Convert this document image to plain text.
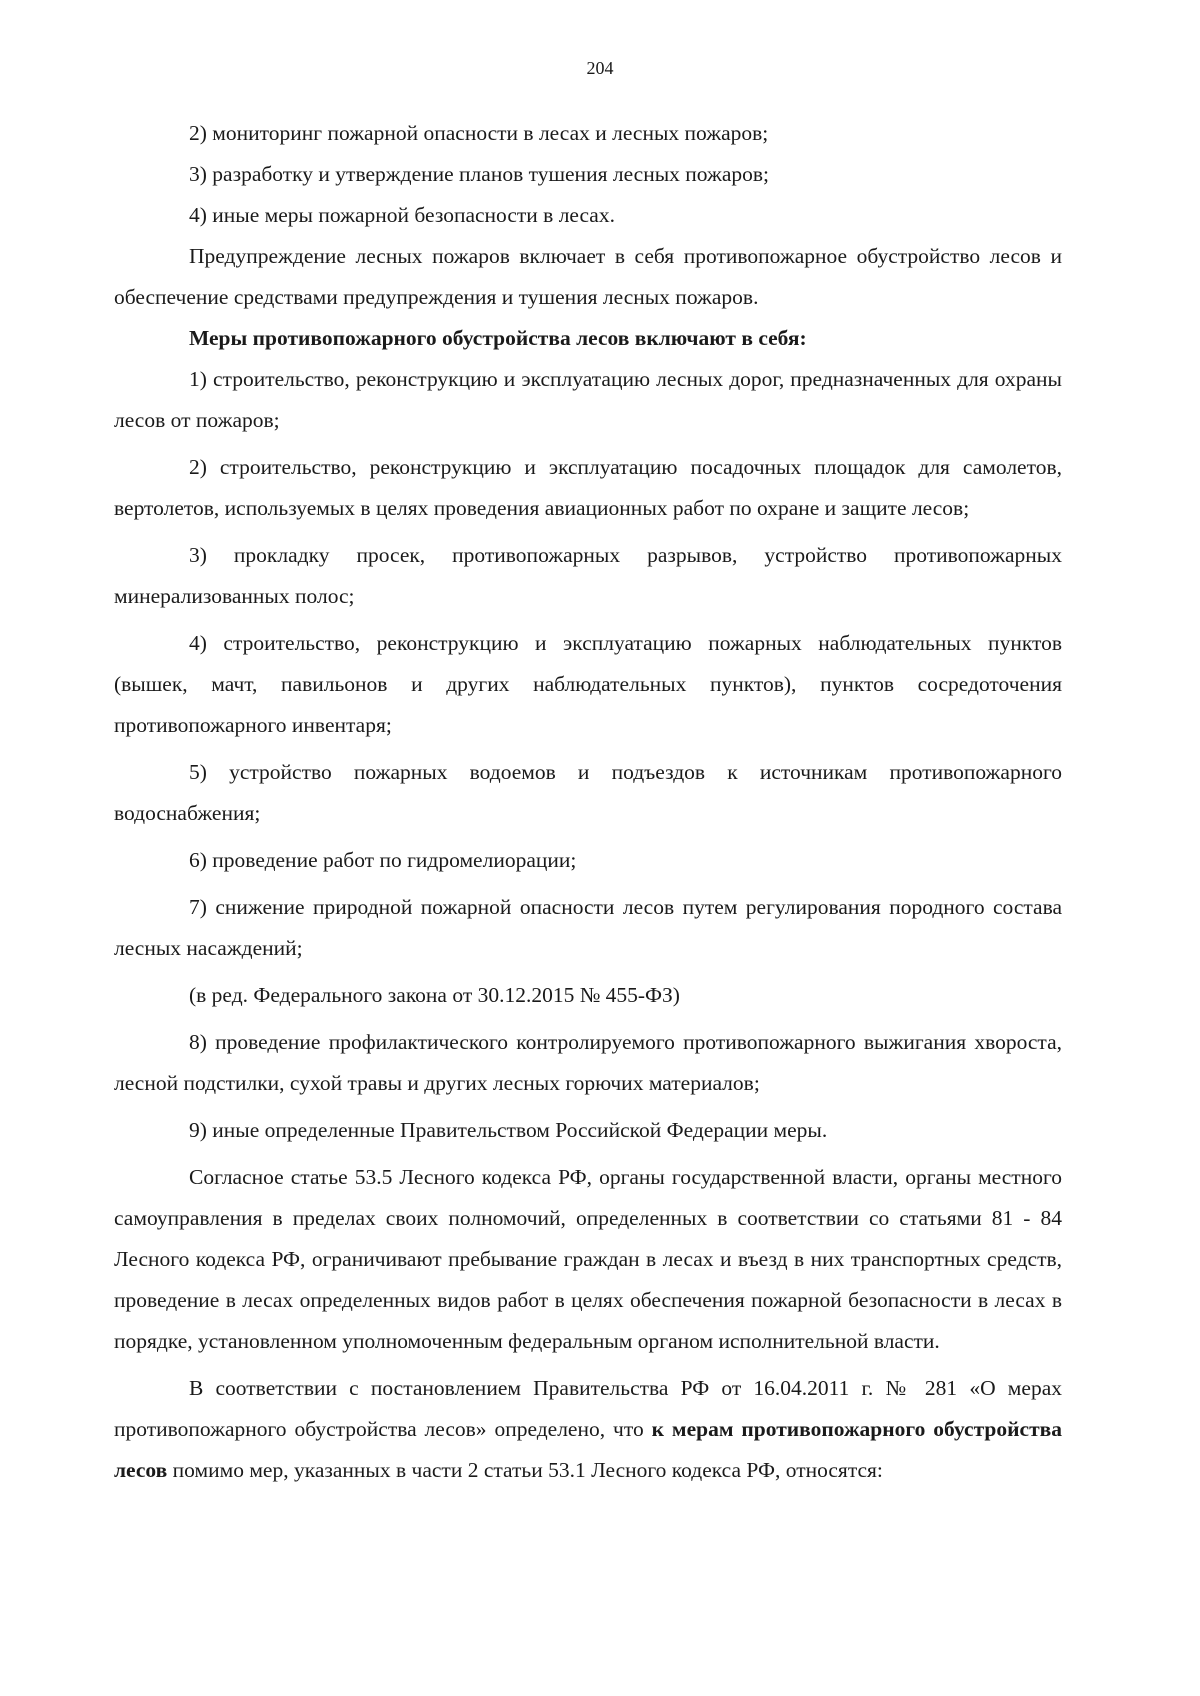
204

2) мониторинг пожарной опасности в лесах и лесных пожаров;

3) разработку и утверждение планов тушения лесных пожаров;

4) иные меры пожарной безопасности в лесах.

Предупреждение лесных пожаров включает в себя противопожарное обустройство лесов и обеспечение средствами предупреждения и тушения лесных пожаров.

Меры противопожарного обустройства лесов включают в себя:

1) строительство, реконструкцию и эксплуатацию лесных дорог, предназначенных для охраны лесов от пожаров;

2) строительство, реконструкцию и эксплуатацию посадочных площадок для самолетов, вертолетов, используемых в целях проведения авиационных работ по охране и защите лесов;

3) прокладку просек, противопожарных разрывов, устройство противопожарных минерализованных полос;

4) строительство, реконструкцию и эксплуатацию пожарных наблюдательных пунктов (вышек, мачт, павильонов и других наблюдательных пунктов), пунктов сосредоточения противопожарного инвентаря;

5) устройство пожарных водоемов и подъездов к источникам противопожарного водоснабжения;

6) проведение работ по гидромелиорации;

7) снижение природной пожарной опасности лесов путем регулирования породного состава лесных насаждений;

(в ред. Федерального закона от 30.12.2015 № 455-ФЗ)

8) проведение профилактического контролируемого противопожарного выжигания хвороста, лесной подстилки, сухой травы и других лесных горючих материалов;

9) иные определенные Правительством Российской Федерации меры.

Согласное статье 53.5 Лесного кодекса РФ, органы государственной власти, органы местного самоуправления в пределах своих полномочий, определенных в соответствии со статьями 81 - 84 Лесного кодекса РФ, ограничивают пребывание граждан в лесах и въезд в них транспортных средств, проведение в лесах определенных видов работ в целях обеспечения пожарной безопасности в лесах в порядке, установленном уполномоченным федеральным органом исполнительной власти.

В соответствии с постановлением Правительства РФ от 16.04.2011 г. № 281 «О мерах противопожарного обустройства лесов» определено, что к мерам противопожарного обустройства лесов помимо мер, указанных в части 2 статьи 53.1 Лесного кодекса РФ, относятся:
